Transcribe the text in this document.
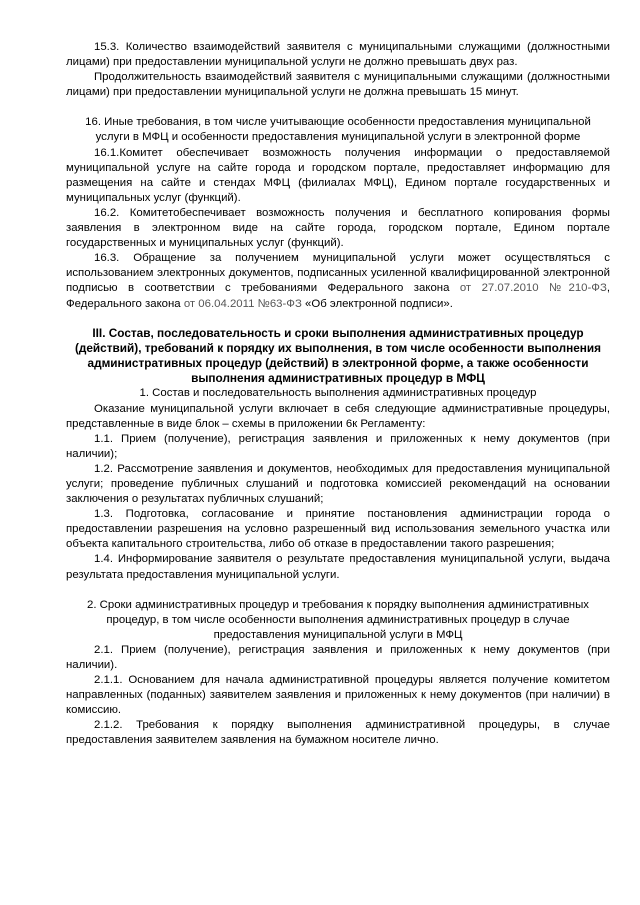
15.3. Количество взаимодействий заявителя с муниципальными служащими (должностными лицами) при предоставлении муниципальной услуги не должно превышать двух раз.

Продолжительность взаимодействий заявителя с муниципальными служащими (должностными лицами) при предоставлении муниципальной услуги не должна превышать 15 минут.

16. Иные требования, в том числе учитывающие особенности предоставления муниципальной услуги в МФЦ и особенности предоставления муниципальной услуги в электронной форме

16.1.Комитет обеспечивает возможность получения информации о предоставляемой муниципальной услуге на сайте города и городском портале, предоставляет информацию для размещения на сайте и стендах МФЦ (филиалах МФЦ), Едином портале государственных и муниципальных услуг (функций).

16.2. Комитетобеспечивает возможность получения и бесплатного копирования формы заявления в электронном виде на сайте города, городском портале, Едином портале государственных и муниципальных услуг (функций).

16.3. Обращение за получением муниципальной услуги может осуществляться с использованием электронных документов, подписанных усиленной квалифицированной электронной подписью в соответствии с требованиями Федерального закона от 27.07.2010 №210-ФЗ, Федерального закона от 06.04.2011 №63-ФЗ «Об электронной подписи».

III. Состав, последовательность и сроки выполнения административных процедур (действий), требований к порядку их выполнения, в том числе особенности выполнения административных процедур (действий) в электронной форме, а также особенности выполнения административных процедур в МФЦ

1. Состав и последовательность выполнения административных процедур

Оказание муниципальной услуги включает в себя следующие административные процедуры, представленные в виде блок – схемы в приложении 6к Регламенту:

1.1. Прием (получение), регистрация заявления и приложенных к нему документов (при наличии);

1.2. Рассмотрение заявления и документов, необходимых для предоставления муниципальной услуги; проведение публичных слушаний и подготовка комиссией рекомендаций на основании заключения о результатах публичных слушаний;

1.3. Подготовка, согласование и принятие постановления администрации города о предоставлении разрешения на условно разрешенный вид использования земельного участка или объекта капитального строительства, либо об отказе в предоставлении такого разрешения;

1.4. Информирование заявителя о результате предоставления муниципальной услуги, выдача результата предоставления муниципальной услуги.

2. Сроки административных процедур и требования к порядку выполнения административных процедур, в том числе особенности выполнения административных процедур в случае предоставления муниципальной услуги в МФЦ

2.1. Прием (получение), регистрация заявления и приложенных к нему документов (при наличии).

2.1.1. Основанием для начала административной процедуры является получение комитетом направленных (поданных) заявителем заявления и приложенных к нему документов (при наличии) в комиссию.

2.1.2. Требования к порядку выполнения административной процедуры, в случае предоставления заявителем заявления на бумажном носителе лично.
